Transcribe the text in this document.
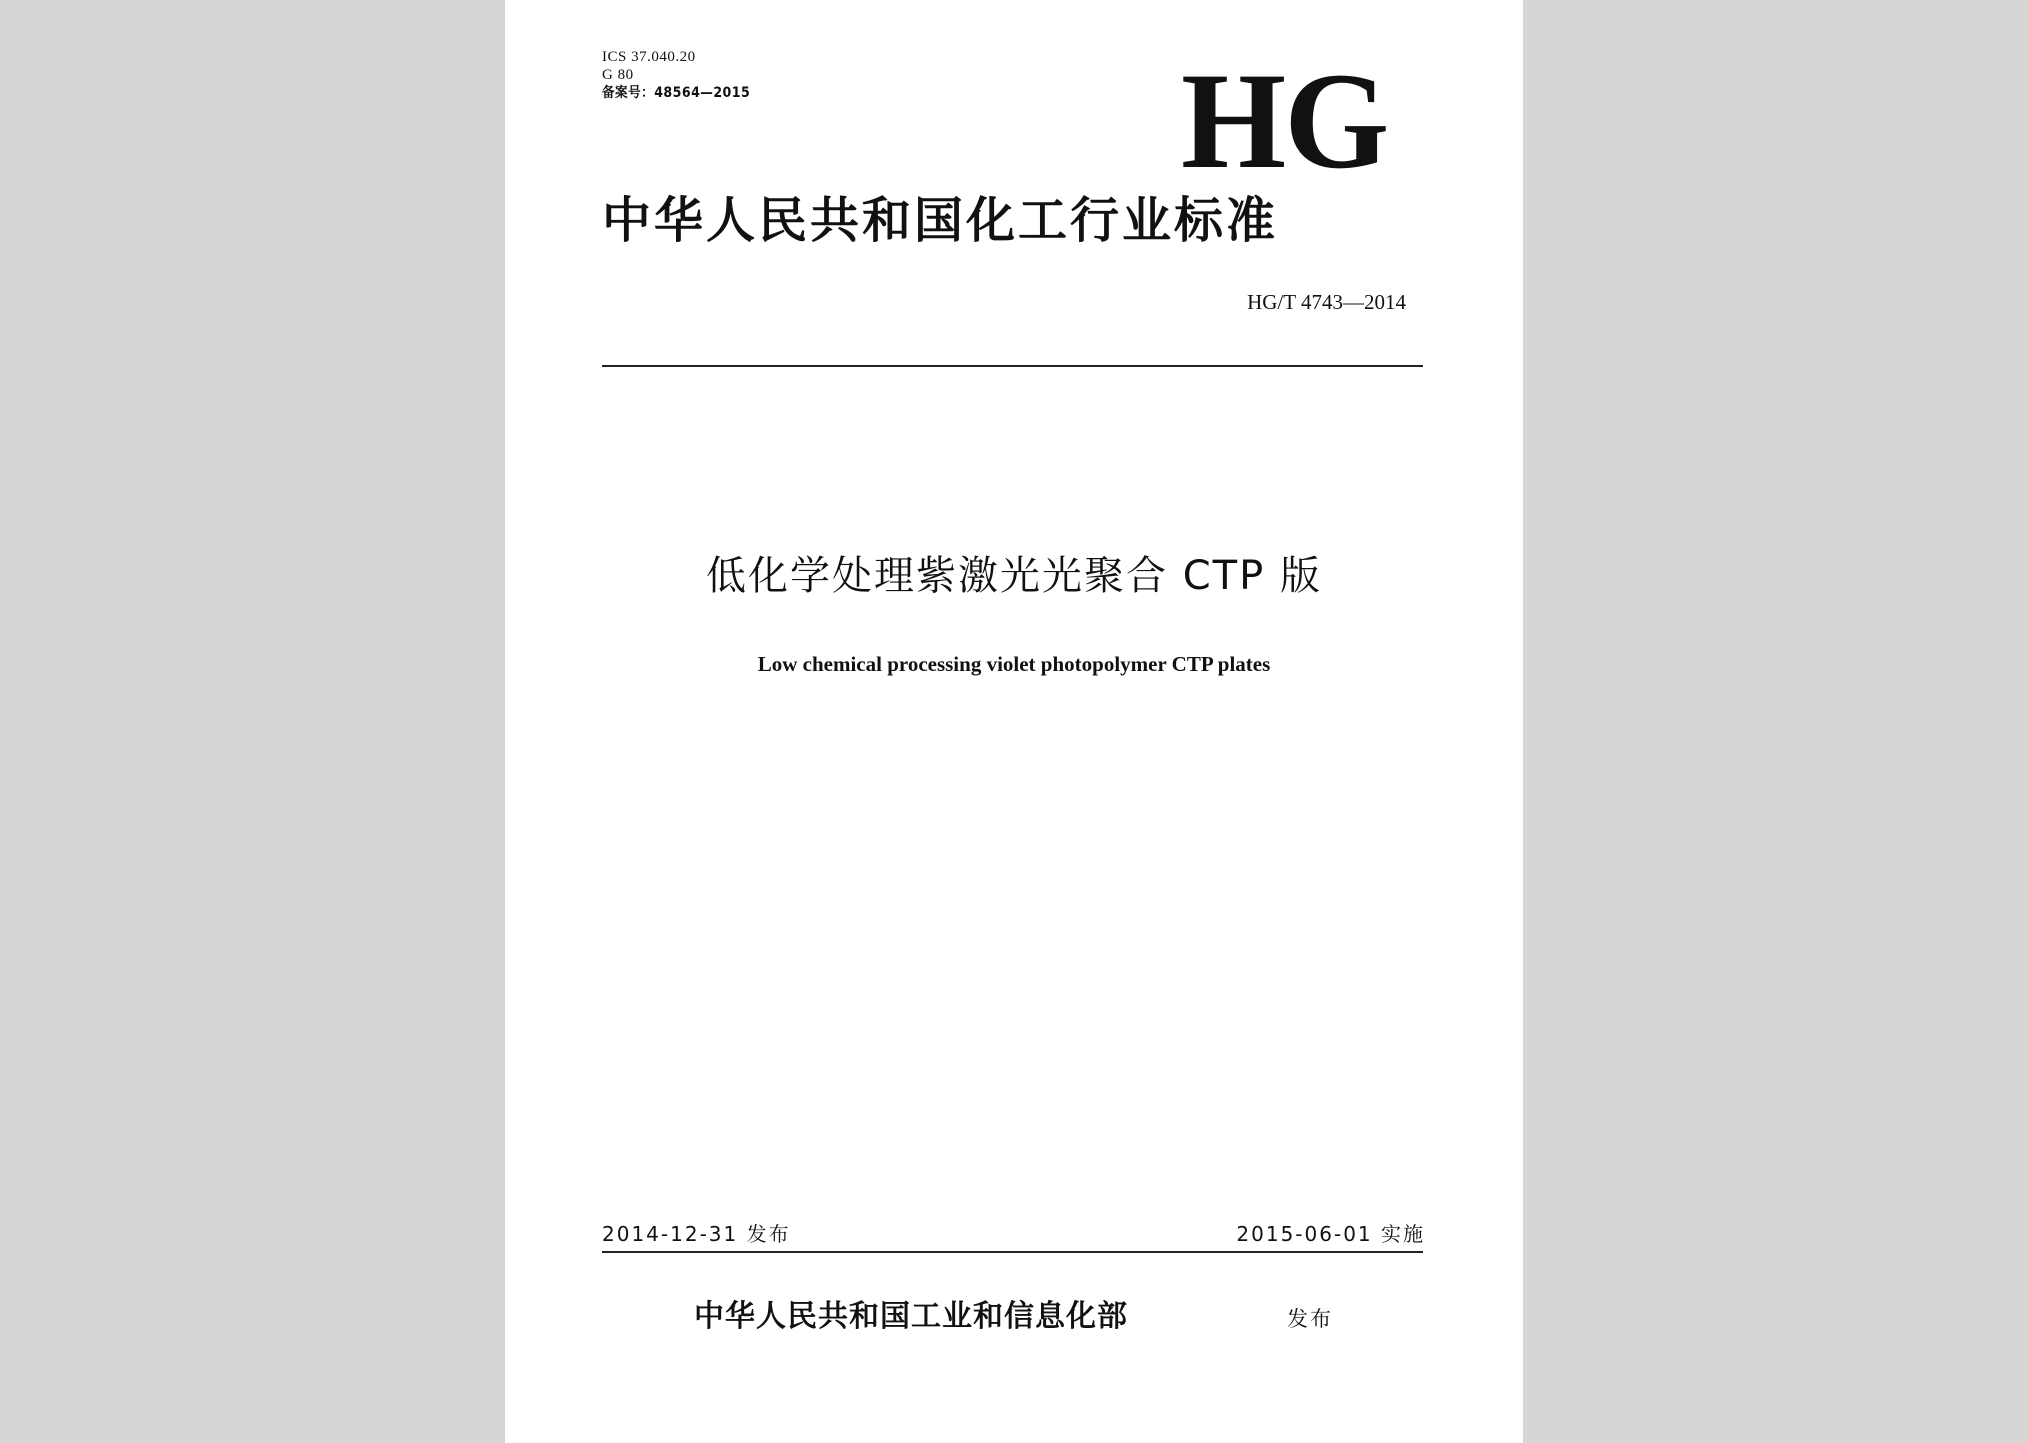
ICS 37.040.20
G 80
备案号：48564—2015	HG
中华人民共和国化工行业标准
HG/T 4743—2014
低化学处理紫激光光聚合 CTP 版
Low chemical processing violet photopolymer CTP plates
2014-12-31 发布	2015-06-01 实施
中华人民共和国工业和信息化部	发布
